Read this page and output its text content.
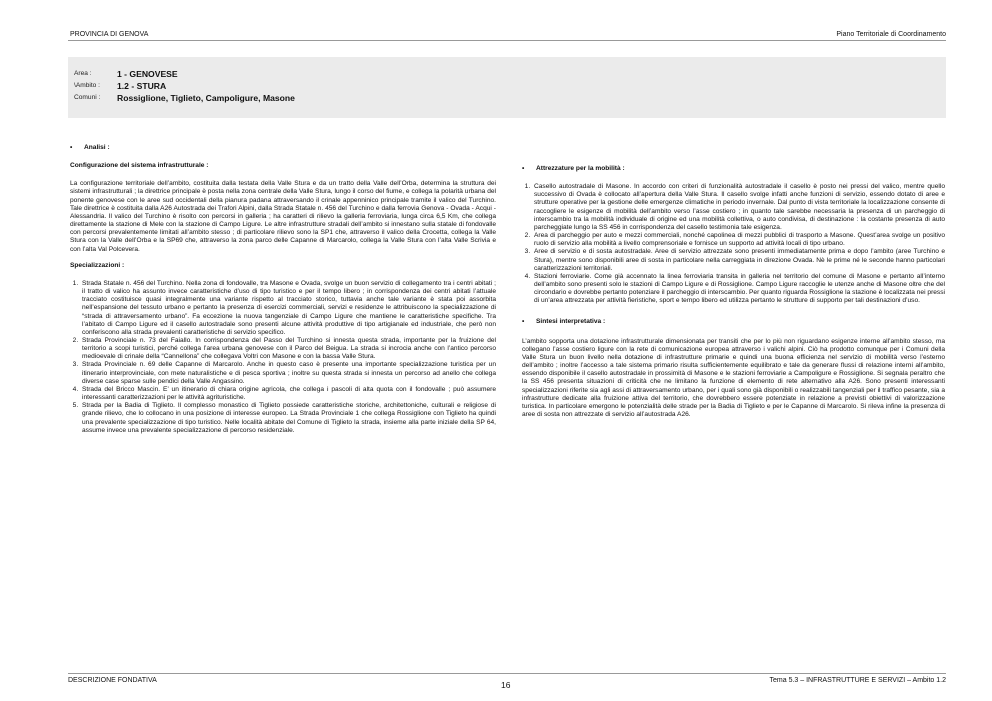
PROVINCIA DI GENOVA	Piano Territoriale di Coordinamento
Area :	1 - GENOVESE
\Ambito : 1.2 - STURA
Comuni : Rossiglione, Tiglieto, Campoligure, Masone

• Analisi :

Configurazione del sistema infrastrutturale :

La configurazione territoriale dell’ambito, costituita dalla testata della Valle Stura e da un tratto della Valle dell’Orba, determina la struttura dei sistemi infrastrutturali ; la direttrice principale è posta nella zona centrale della Valle Stura, lungo il corso del fiume, e collega la polarità urbana del ponente genovese con le aree sud occidentali della pianura padana attraversando il crinale appenninico principale tramite il valico del Turchino. Tale direttrice è costituita dalla A26 Autostrada dei Trafori Alpini, dalla Strada Statale n. 456 del Turchino e dalla ferrovia Genova - Ovada - Acqui - Alessandria. Il valico del Turchino è risolto con percorsi in galleria ; ha caratteri di rilievo la galleria ferroviaria, lunga circa 6,5 Km, che collega direttamente la stazione di Mele con la stazione di Campo Ligure. Le altre infrastrutture stradali dell’ambito si innestano sulla statale di fondovalle con percorsi prevalentemente limitati all’ambito stesso ; di particolare rilievo sono la SP1 che, attraverso il valico della Crocetta, collega la Valle Stura con la Valle dell’Orba e la SP69 che, attraverso la zona parco delle Capanne di Marcarolo, collega la Valle Stura con l’alta Valle Scrivia e con l’alta Val Polcevera.

Specializzazioni :

1. Strada Statale n. 456 del Turchino. Nella zona di fondovalle, tra Masone e Ovada, svolge un buon servizio di collegamento tra i centri abitati ; il tratto di valico ha assunto invece caratteristiche d’uso di tipo turistico e per il tempo libero ; in corrispondenza dei centri abitati l’attuale tracciato costituisce quasi integralmente una variante rispetto al tracciato storico, tuttavia anche tale variante è stata poi assorbita nell’espansione del tessuto urbano e pertanto la presenza di esercizi commerciali, servizi e residenze le attribuiscono la specializzazione di “strada di attraversamento urbano”. Fa eccezione la nuova tangenziale di Campo Ligure che mantiene le caratteristiche specifiche. Tra l’abitato di Campo Ligure ed il casello autostradale sono presenti alcune attività produttive di tipo artigianale ed industriale, che però non conferiscono alla strada prevalenti caratteristiche di servizio specifico.
2. Strada Provinciale n. 73 del Faiallo. In corrispondenza del Passo del Turchino si innesta questa strada, importante per la fruizione del territorio a scopi turistici, perché collega l’area urbana genovese con il Parco del Beigua. La strada si incrocia anche con l’antico percorso medioevale di crinale della “Cannellona” che collegava Voltri con Masone e con la bassa Valle Stura.
3. Strada Provinciale n. 69 delle Capanne di Marcarolo. Anche in questo caso è presente una importante specializzazione turistica per un itinerario interprovinciale, con mete naturalistiche e di pesca sportiva ; inoltre su questa strada si innesta un percorso ad anello che collega diverse case sparse sulle pendici della Valle Angassino.
4. Strada del Bricco Mascin. E’ un itinerario di chiara origine agricola, che collega i pascoli di alta quota con il fondovalle ; può assumere interessanti caratterizzazioni per le attività agrituristiche.
5. Strada per la Badia di Tiglieto. Il complesso monastico di Tiglieto possiede caratteristiche storiche, architettoniche, culturali e religiose di grande rilievo, che lo collocano in una posizione di interesse europeo. La Strada Provinciale 1 che collega Rossiglione con Tiglieto ha quindi una prevalente specializzazione di tipo turistico. Nelle località abitate del Comune di Tiglieto la strada, insieme alla parte iniziale della SP 64, assume invece una prevalente specializzazione di percorso residenziale.

• Attrezzature per la mobilità :

1. Casello autostradale di Masone. In accordo con criteri di funzionalità autostradale il casello è posto nei pressi del valico, mentre quello successivo di Ovada è collocato all’apertura della Valle Stura. Il casello svolge infatti anche funzioni di servizio, essendo dotato di aree e strutture operative per la gestione delle emergenze climatiche in periodo invernale. Dal punto di vista territoriale la localizzazione consente di raccogliere le esigenze di mobilità dell’ambito verso l’asse costiero ; in quanto tale sarebbe necessaria la presenza di un parcheggio di interscambio tra la mobilità individuale di origine ed una mobilità collettiva, o auto condivisa, di destinazione : la costante presenza di auto parcheggiate lungo la SS 456 in corrispondenza del casello testimonia tale esigenza.
2. Area di parcheggio per auto e mezzi commerciali, nonché capolinea di mezzi pubblici di trasporto a Masone. Quest’area svolge un positivo ruolo di servizio alla mobilità a livello comprensoriale e fornisce un supporto ad attività locali di tipo urbano.
3. Aree di servizio e di sosta autostradale. Aree di servizio attrezzate sono presenti immediatamente prima e dopo l’ambito (aree Turchino e Stura), mentre sono disponibili aree di sosta in particolare nella carreggiata in direzione Ovada. Nè le prime né le seconde hanno particolari caratterizzazioni territoriali.
4. Stazioni ferroviarie. Come già accennato la linea ferroviaria transita in galleria nel territorio del comune di Masone e pertanto all’interno dell’ambito sono presenti solo le stazioni di Campo Ligure e di Rossiglione. Campo Ligure raccoglie le utenze anche di Masone oltre che del circondario e dovrebbe pertanto potenziare il parcheggio di interscambio. Per quanto riguarda Rossiglione la stazione è localizzata nei pressi di un’area attrezzata per attività fieristiche, sport e tempo libero ed utilizza pertanto le strutture di supporto per tali destinazioni d’uso.

• Sintesi interpretativa :

L’ambito sopporta una dotazione infrastrutturale dimensionata per transiti che per lo più non riguardano esigenze interne all’ambito stesso, ma collegano l’asse costiero ligure con la rete di comunicazione europea attraverso i valichi alpini. Ciò ha prodotto comunque per i Comuni della Valle Stura un buon livello nella dotazione di infrastrutture primarie e quindi una buona efficienza nel servizio di mobilità verso l’esterno dell’ambito ; inoltre l’accesso a tale sistema primario risulta sufficientemente equilibrato e tale da generare flussi di relazione interni all’ambito, essendo disponibile il casello autostradale in prossimità di Masone e le stazioni ferroviarie a Campoligure e Rossiglione. Si segnala peraltro che la SS 456 presenta situazioni di criticità che ne limitano la funzione di elemento di rete alternativo alla A26. Sono presenti interessanti specializzazioni riferite sia agli assi di attraversamento urbano, per i quali sono già disponibili o realizzabili tangenziali per il traffico pesante, sia a infrastrutture dedicate alla fruizione attiva del territorio, che dovrebbero essere potenziate in relazione a previsti obiettivi di valorizzazione turistica. In particolare emergono le potenzialità delle strade per la Badia di Tiglieto e per le Capanne di Marcarolo. Si rileva infine la presenza di aree di sosta non attrezzate di servizio all’autostrada A26.

DESCRIZIONE FONDATIVA	16	Tema 5.3 – INFRASTRUTTURE E SERVIZI – Ambito 1.2
